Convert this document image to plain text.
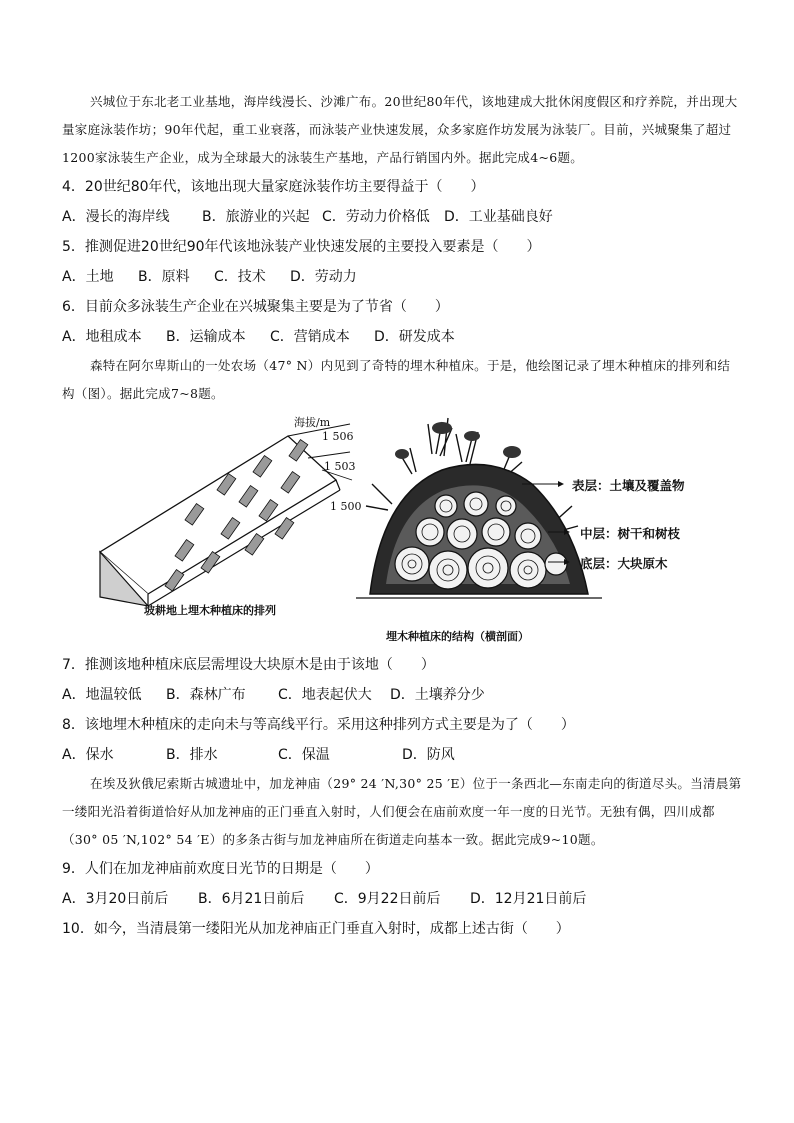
兴城位于东北老工业基地，海岸线漫长、沙滩广布。20世纪80年代，该地建成大批休闲度假区和疗养院，并出现大量家庭泳装作坊；90年代起，重工业衰落，而泳装产业快速发展，众多家庭作坊发展为泳装厂。目前，兴城聚集了超过1200家泳装生产企业，成为全球最大的泳装生产基地，产品行销国内外。据此完成4~6题。

4．20世纪80年代，该地出现大量家庭泳装作坊主要得益于（　　）

A．漫长的海岸线 B．旅游业的兴起 C．劳动力价格低 D．工业基础良好

5．推测促进20世纪90年代该地泳装产业快速发展的主要投入要素是（　　）

A．土地 B．原料 C．技术 D．劳动力

6．目前众多泳装生产企业在兴城聚集主要是为了节省（　　）

A．地租成本 B．运输成本 C．营销成本 D．研发成本

森特在阿尔卑斯山的一处农场（47° N）内见到了奇特的埋木种植床。于是，他绘图记录了埋木种植床的排列和结构（图）。据此完成7~8题。

海拔/m
1 506
1 503
1 500
坡耕地上埋木种植床的排列
表层：土壤及覆盖物
中层：树干和树枝
底层：大块原木
埋木种植床的结构（横剖面）

7．推测该地种植床底层需埋设大块原木是由于该地（　　）

A．地温较低 B．森林广布 C．地表起伏大 D．土壤养分少

8．该地埋木种植床的走向未与等高线平行。采用这种排列方式主要是为了（　　）

A．保水	B．排水	C．保温	D．防风

在埃及狄俄尼索斯古城遗址中，加龙神庙（29° 24 ′N,30° 25 ′E）位于一条西北—东南走向的街道尽头。当清晨第一缕阳光沿着街道恰好从加龙神庙的正门垂直入射时，人们便会在庙前欢度一年一度的日光节。无独有偶，四川成都（30° 05 ′N,102° 54 ′E）的多条古街与加龙神庙所在街道走向基本一致。据此完成9~10题。

9．人们在加龙神庙前欢度日光节的日期是（　　）

A．3月20日前后 B．6月21日前后 C．9月22日前后 D．12月21日前后

10．如今，当清晨第一缕阳光从加龙神庙正门垂直入射时，成都上述古街（　　）
